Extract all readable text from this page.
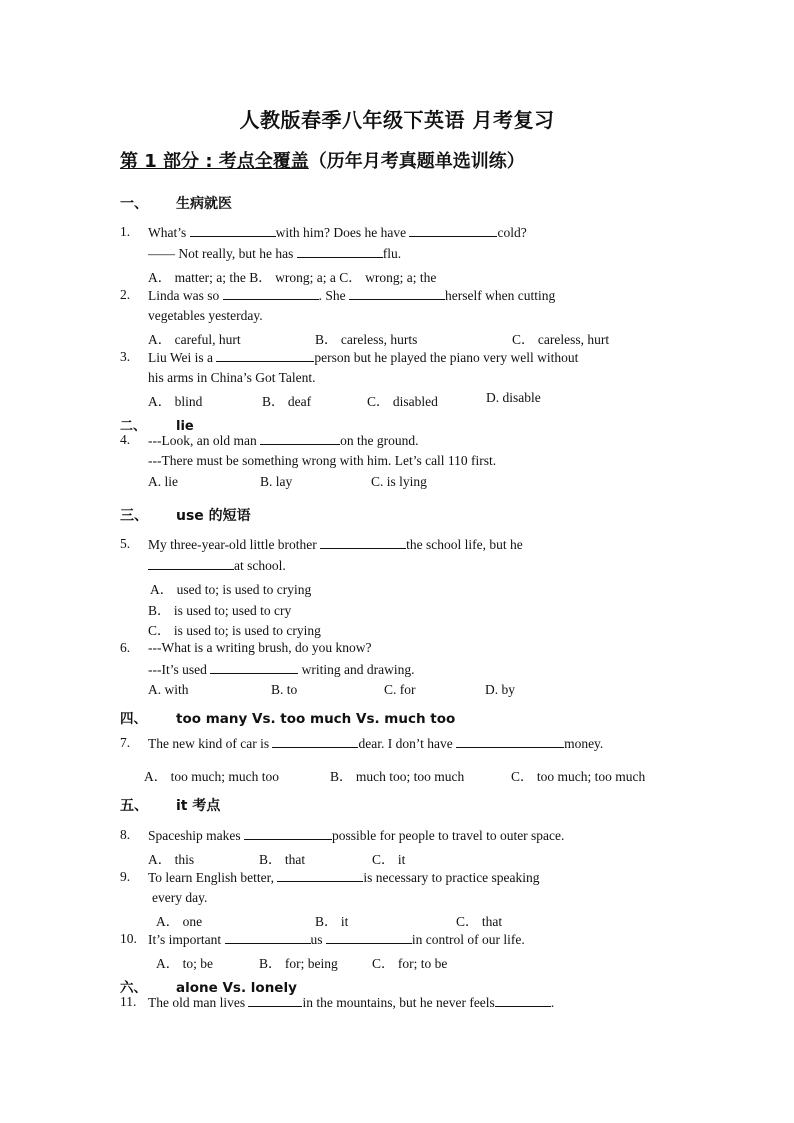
人教版春季八年级下英语 月考复习
第 1 部分 : 考点全覆盖（历年月考真题单选训练）
一、 生病就医
1. What’s	with him? Does he have	cold?
—— Not really, but he has	flu.
A． matter; a; the B． wrong; a; a C． wrong; a; the
2. Linda was so	. She	herself when cutting
vegetables yesterday.
A． careful, hurt	B． careless, hurts	C． careless, hurt
3. Liu Wei is a	person but he played the piano very well without
his arms in China’s Got Talent.
A． blind	B． deaf	C． disabled	D. disable
二、 lie
4. ---Look, an old man	on the ground.
---There must be something wrong with him. Let’s call 110 first.
A. lie	B. lay	C. is lying
三、 use 的短语
5. My three-year-old little brother	the school life, but he
at school.
A． used to; is used to crying
B． is used to; used to cry
C． is used to; is used to crying
6. ---What is a writing brush, do you know?
---It’s used	writing and drawing.
A. with	B. to	C. for	D. by
四、 too many Vs. too much Vs. much too
7. The new kind of car is	dear. I don’t have	money.
A． too much; much too	B． much too; too much	C． too much; too much
五、 it 考点
8. Spaceship makes	possible for people to travel to outer space.
A． this	B． that	C． it
9. To learn English better,	is necessary to practice speaking
every day.
A． one	B． it	C． that
10. It’s important	us	in control of our life.
A． to; be	B． for; being	C． for; to be
六、 alone Vs. lonely
11. The old man lives	in the mountains, but he never feels	.
